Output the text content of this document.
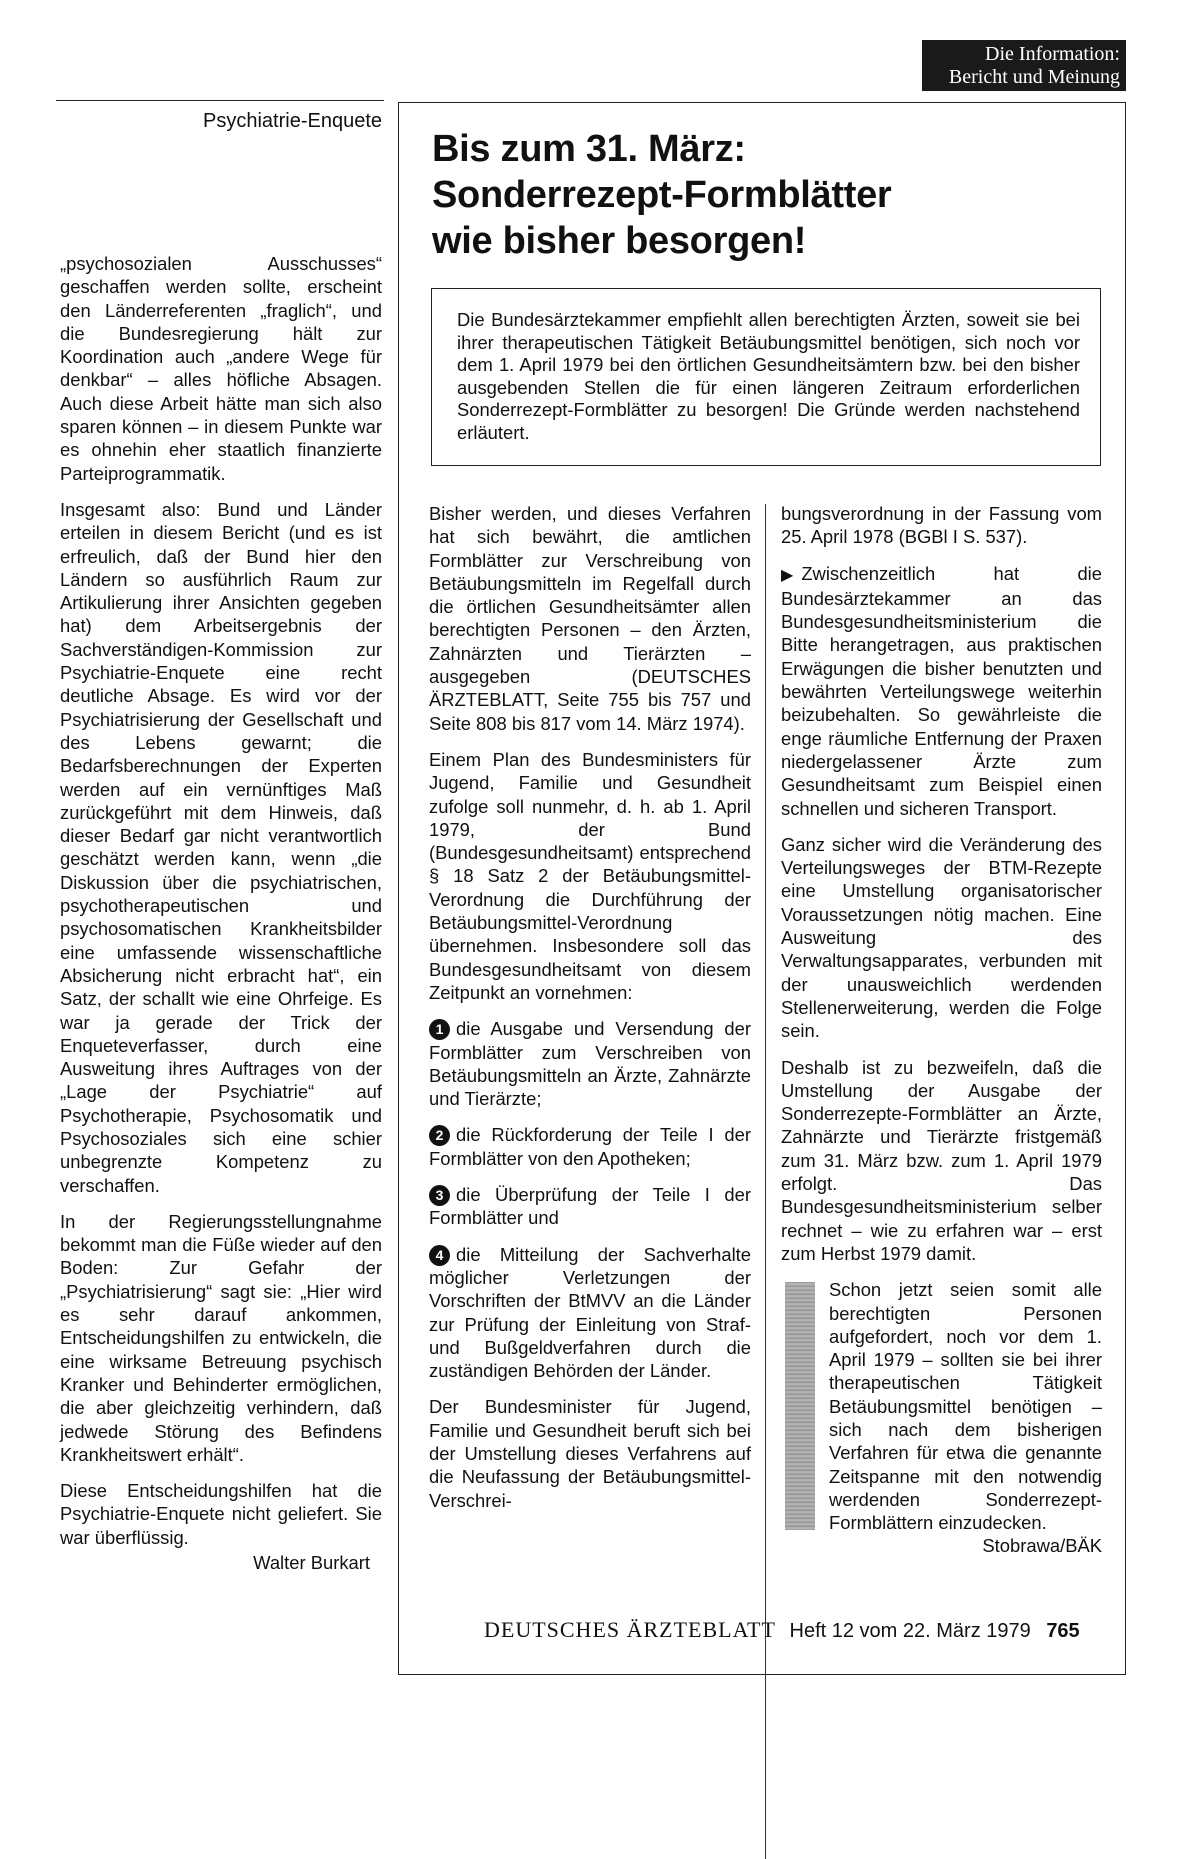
Die Information:
Bericht und Meinung
Psychiatrie-Enquete

„psychosozialen Ausschusses“ geschaffen werden sollte, erscheint den Länderreferenten „fraglich“, und die Bundesregierung hält zur Koordination auch „andere Wege für denkbar“ – alles höfliche Absagen. Auch diese Arbeit hätte man sich also sparen können – in diesem Punkte war es ohnehin eher staatlich finanzierte Parteiprogrammatik.

Insgesamt also: Bund und Länder erteilen in diesem Bericht (und es ist erfreulich, daß der Bund hier den Ländern so ausführlich Raum zur Artikulierung ihrer Ansichten gegeben hat) dem Arbeitsergebnis der Sachverständigen-Kommission zur Psychiatrie-Enquete eine recht deutliche Absage. Es wird vor der Psychiatrisierung der Gesellschaft und des Lebens gewarnt; die Bedarfsberechnungen der Experten werden auf ein vernünftiges Maß zurückgeführt mit dem Hinweis, daß dieser Bedarf gar nicht verantwortlich geschätzt werden kann, wenn „die Diskussion über die psychiatrischen, psychotherapeutischen und psychosomatischen Krankheitsbilder eine umfassende wissenschaftliche Absicherung nicht erbracht hat“, ein Satz, der schallt wie eine Ohrfeige. Es war ja gerade der Trick der Enqueteverfasser, durch eine Ausweitung ihres Auftrages von der „Lage der Psychiatrie“ auf Psychotherapie, Psychosomatik und Psychosoziales sich eine schier unbegrenzte Kompetenz zu verschaffen.

In der Regierungsstellungnahme bekommt man die Füße wieder auf den Boden: Zur Gefahr der „Psychiatrisierung“ sagt sie: „Hier wird es sehr darauf ankommen, Entscheidungshilfen zu entwickeln, die eine wirksame Betreuung psychisch Kranker und Behinderter ermöglichen, die aber gleichzeitig verhindern, daß jedwede Störung des Befindens Krankheitswert erhält“.

Diese Entscheidungshilfen hat die Psychiatrie-Enquete nicht geliefert. Sie war überflüssig.

Walter Burkart
Bis zum 31. März:
Sonderrezept-Formblätter
wie bisher besorgen!
Die Bundesärztekammer empfiehlt allen berechtigten Ärzten, soweit sie bei ihrer therapeutischen Tätigkeit Betäubungsmittel benötigen, sich noch vor dem 1. April 1979 bei den örtlichen Gesundheitsämtern bzw. bei den bisher ausgebenden Stellen die für einen längeren Zeitraum erforderlichen Sonderrezept-Formblätter zu besorgen! Die Gründe werden nachstehend erläutert.

Bisher werden, und dieses Verfahren hat sich bewährt, die amtlichen Formblätter zur Verschreibung von Betäubungsmitteln im Regelfall durch die örtlichen Gesundheitsämter allen berechtigten Personen – den Ärzten, Zahnärzten und Tierärzten – ausgegeben (DEUTSCHES ÄRZTEBLATT, Seite 755 bis 757 und Seite 808 bis 817 vom 14. März 1974).

Einem Plan des Bundesministers für Jugend, Familie und Gesundheit zufolge soll nunmehr, d. h. ab 1. April 1979, der Bund (Bundesgesundheitsamt) entsprechend § 18 Satz 2 der Betäubungsmittel-Verordnung die Durchführung der Betäubungsmittel-Verordnung übernehmen. Insbesondere soll das Bundesgesundheitsamt von diesem Zeitpunkt an vornehmen:

1 die Ausgabe und Versendung der Formblätter zum Verschreiben von Betäubungsmitteln an Ärzte, Zahnärzte und Tierärzte;

2 die Rückforderung der Teile I der Formblätter von den Apotheken;

3 die Überprüfung der Teile I der Formblätter und

4 die Mitteilung der Sachverhalte möglicher Verletzungen der Vorschriften der BtMVV an die Länder zur Prüfung der Einleitung von Straf- und Bußgeldverfahren durch die zuständigen Behörden der Länder.

Der Bundesminister für Jugend, Familie und Gesundheit beruft sich bei der Umstellung dieses Verfahrens auf die Neufassung der Betäubungsmittel-Verschrei-

bungsverordnung in der Fassung vom 25. April 1978 (BGBl I S. 537).

▶ Zwischenzeitlich hat die Bundesärztekammer an das Bundesgesundheitsministerium die Bitte herangetragen, aus praktischen Erwägungen die bisher benutzten und bewährten Verteilungswege weiterhin beizubehalten. So gewährleiste die enge räumliche Entfernung der Praxen niedergelassener Ärzte zum Gesundheitsamt zum Beispiel einen schnellen und sicheren Transport.

Ganz sicher wird die Veränderung des Verteilungsweges der BTM-Rezepte eine Umstellung organisatorischer Voraussetzungen nötig machen. Eine Ausweitung des Verwaltungsapparates, verbunden mit der unausweichlich werdenden Stellenerweiterung, werden die Folge sein.

Deshalb ist zu bezweifeln, daß die Umstellung der Ausgabe der Sonderrezepte-Formblätter an Ärzte, Zahnärzte und Tierärzte fristgemäß zum 31. März bzw. zum 1. April 1979 erfolgt. Das Bundesgesundheitsministerium selber rechnet – wie zu erfahren war – erst zum Herbst 1979 damit.

Schon jetzt seien somit alle berechtigten Personen aufgefordert, noch vor dem 1. April 1979 – sollten sie bei ihrer therapeutischen Tätigkeit Betäubungsmittel benötigen – sich nach dem bisherigen Verfahren für etwa die genannte Zeitspanne mit den notwendig werdenden Sonderrezept-Formblättern einzudecken.
Stobrawa/BÄK
DEUTSCHES ÄRZTEBLATT Heft 12 vom 22. März 1979 765
